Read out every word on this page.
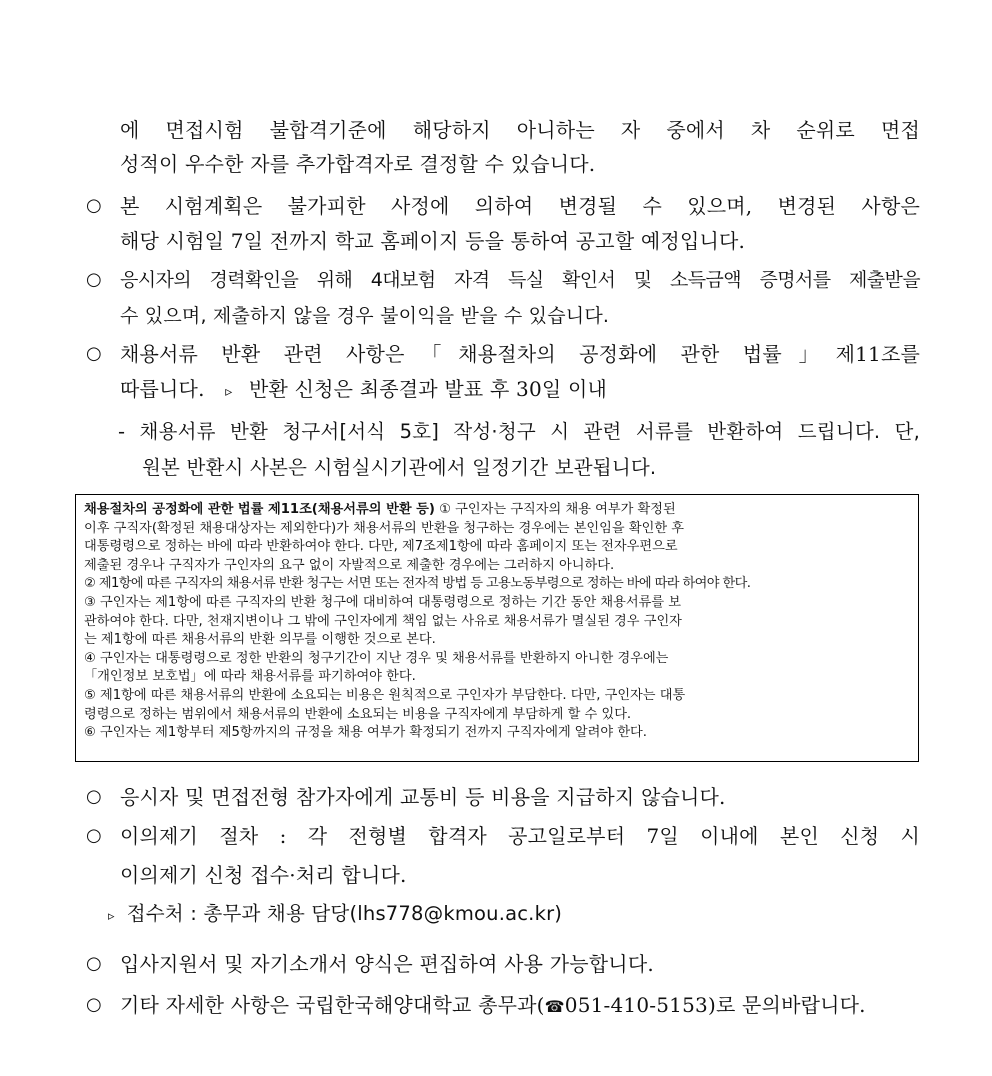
에 면접시험 불합격기준에 해당하지 아니하는 자 중에서 차 순위로 면접
성적이 우수한 자를 추가합격자로 결정할 수 있습니다.
○ 본 시험계획은 불가피한 사정에 의하여 변경될 수 있으며, 변경된 사항은
해당 시험일 7일 전까지 학교 홈페이지 등을 통하여 공고할 예정입니다.
○ 응시자의 경력확인을 위해 4대보험 자격 득실 확인서 및 소득금액 증명서를 제출받을
수 있으며, 제출하지 않을 경우 불이익을 받을 수 있습니다.
○ 채용서류 반환 관련 사항은「채용절차의 공정화에 관한 법률」제11조를
따릅니다. ▹ 반환 신청은 최종결과 발표 후 30일 이내
- 채용서류 반환 청구서[서식 5호] 작성·청구 시 관련 서류를 반환하여 드립니다. 단,
원본 반환시 사본은 시험실시기관에서 일정기간 보관됩니다.
채용절차의 공정화에 관한 법률 제11조(채용서류의 반환 등) ① 구인자는 구직자의 채용 여부가 확정된
이후 구직자(확정된 채용대상자는 제외한다)가 채용서류의 반환을 청구하는 경우에는 본인임을 확인한 후
대통령령으로 정하는 바에 따라 반환하여야 한다. 다만, 제7조제1항에 따라 홈페이지 또는 전자우편으로
제출된 경우나 구직자가 구인자의 요구 없이 자발적으로 제출한 경우에는 그러하지 아니하다.
② 제1항에 따른 구직자의 채용서류 반환 청구는 서면 또는 전자적 방법 등 고용노동부령으로 정하는 바에 따라 하여야 한다.
③ 구인자는 제1항에 따른 구직자의 반환 청구에 대비하여 대통령령으로 정하는 기간 동안 채용서류를 보
관하여야 한다. 다만, 천재지변이나 그 밖에 구인자에게 책임 없는 사유로 채용서류가 멸실된 경우 구인자
는 제1항에 따른 채용서류의 반환 의무를 이행한 것으로 본다.
④ 구인자는 대통령령으로 정한 반환의 청구기간이 지난 경우 및 채용서류를 반환하지 아니한 경우에는
「개인정보 보호법」에 따라 채용서류를 파기하여야 한다.
⑤ 제1항에 따른 채용서류의 반환에 소요되는 비용은 원칙적으로 구인자가 부담한다. 다만, 구인자는 대통
령령으로 정하는 범위에서 채용서류의 반환에 소요되는 비용을 구직자에게 부담하게 할 수 있다.
⑥ 구인자는 제1항부터 제5항까지의 규정을 채용 여부가 확정되기 전까지 구직자에게 알려야 한다.
○ 응시자 및 면접전형 참가자에게 교통비 등 비용을 지급하지 않습니다.
○ 이의제기 절차 : 각 전형별 합격자 공고일로부터 7일 이내에 본인 신청 시
이의제기 신청 접수·처리 합니다.
▹ 접수처 : 총무과 채용 담당(lhs778@kmou.ac.kr)
○ 입사지원서 및 자기소개서 양식은 편집하여 사용 가능합니다.
○ 기타 자세한 사항은 국립한국해양대학교 총무과(☎051-410-5153)로 문의바랍니다.
